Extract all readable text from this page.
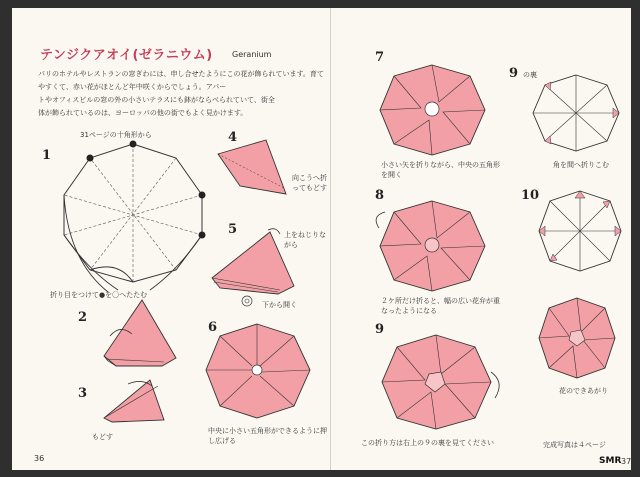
テンジクアオイ(ゼラニウム) Geranium
パリのホテルやレストランの窓ぎわには、申し合せたようにこの花が飾られています。育てやすくて、赤い花がほとんど年中咲くからでしょう。アパー
トやオフィスビルの窓の外の小さいテラスにも鉢がならべられていて、街全
体が飾られているのは、ヨーロッパの他の街でもよく見かけます。
1
31ページの十角形から
折り目をつけて●を〇へたたむ
2
3
もどす
4
向こうへ折ってもどす
5	上をねじりながら
下から開く
6
中央に小さい五角形ができるように押し広げる
36
7
小さい矢を折りながら、中央の五角形を開く
8
２ケ所だけ折ると、幅の広い花弁が重なったようになる
9
この折り方は右上の９の裏を見てください
9 の裏
角を間へ折りこむ
10
花のできあがり
完成写真は４ページ
SMR 37
